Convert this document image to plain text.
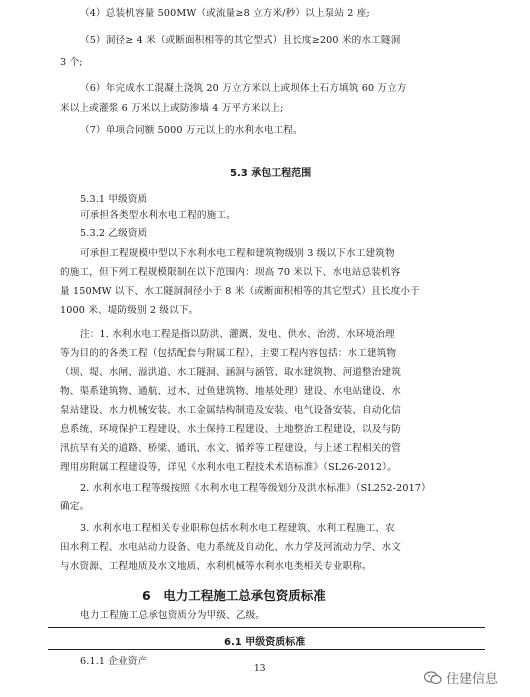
（4）总装机容量 500MW（或流量≥8 立方米/秒）以上泵站 2 座;
（5）洞径≥ 4 米（或断面积相等的其它型式）且长度≥200 米的水工隧洞
3 个;
（6）年完成水工混凝土浇筑 20 万立方米以上或坝体土石方填筑 60 万立方
米以上或灌浆 6 万米以上或防渗墙 4 万平方米以上;
（7）单项合同额 5000 万元以上的水利水电工程。
5.3 承包工程范围
5.3.1 甲级资质
可承担各类型水利水电工程的施工。
5.3.2 乙级资质
可承担工程规模中型以下水利水电工程和建筑物级别 3 级以下水工建筑物
的施工，但下列工程规模限制在以下范围内：坝高 70 米以下、水电站总装机容
量 150MW 以下、水工隧洞洞径小于 8 米（或断面积相等的其它型式）且长度小于
1000 米、堤防级别 2 级以下。
注：1. 水利水电工程是指以防洪、灌溉、发电、供水、治涝、水环境治理
等为目的的各类工程（包括配套与附属工程），主要工程内容包括：水工建筑物
（坝、堤、水闸、溢洪道、水工隧洞、涵洞与涵管、取水建筑物、河道整治建筑
物、渠系建筑物、通航、过木、过鱼建筑物、地基处理）建设、水电站建设、水
泵站建设、水力机械安装、水工金属结构制造及安装、电气设备安装、自动化信
息系统、环境保护工程建设、水土保持工程建设、土地整治工程建设，以及与防
汛抗旱有关的道路、桥梁、通讯、水文、循养等工程建设，与上述工程相关的管
理用房附属工程建设等，详见《水利水电工程技术术语标准》（SL26-2012）。
2. 水利水电工程等级按照《水利水电工程等级划分及洪水标准》（SL252-2017）
确定。
3. 水利水电工程相关专业职称包括水利水电工程建筑、水利工程施工、农
田水利工程、水电站动力设备、电力系统及自动化、水力学及河流动力学、水文
与水资源、工程地质及水文地质、水利机械等水利水电类相关专业职称。
6　电力工程施工总承包资质标准
电力工程施工总承包资质分为甲级、乙级。
6.1 甲级资质标准
6.1.1 企业资产
13
住建信息
